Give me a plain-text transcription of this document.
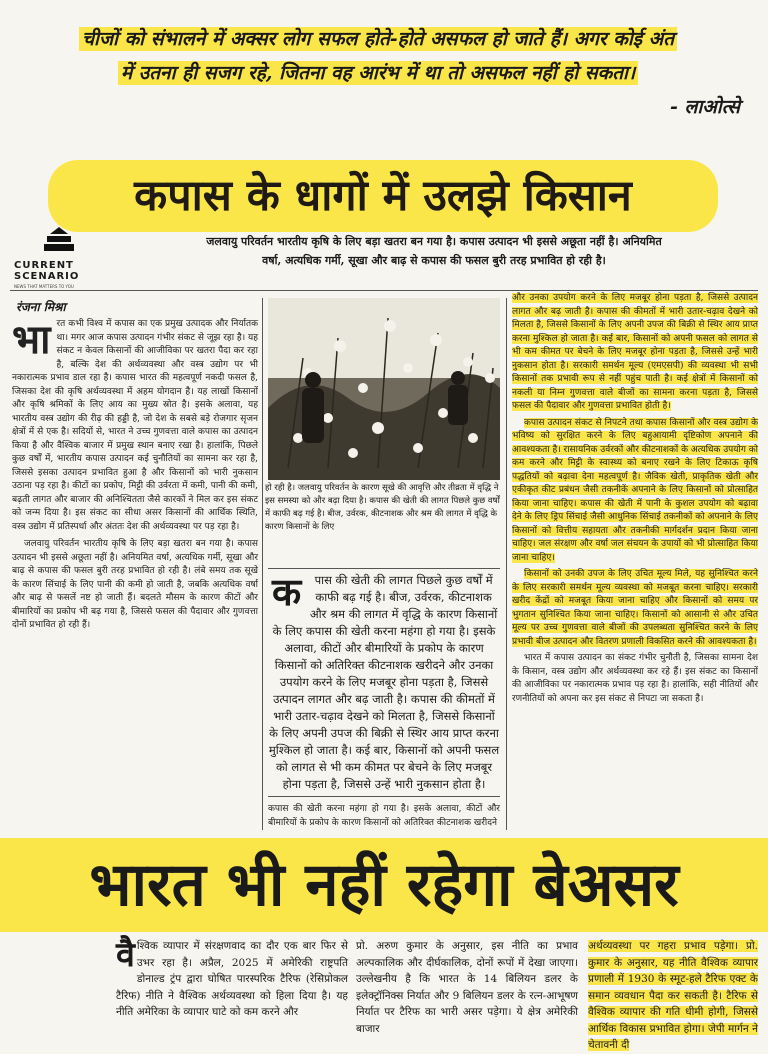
चीजों को संभालने में अक्सर लोग सफल होते-होते असफल हो जाते हैं। अगर कोई अंत
में उतना ही सजग रहे, जितना वह आरंभ में था तो असफल नहीं हो सकता।
- लाओत्से
कपास के धागों में उलझे किसान
CURRENT
SCENARIO
NEWS THAT MATTERS TO YOU
जलवायु परिवर्तन भारतीय कृषि के लिए बड़ा खतरा बन गया है। कपास उत्पादन भी इससे अछूता नहीं है। अनियमित
वर्षा, अत्यधिक गर्मी, सूखा और बाढ़ से कपास की फसल बुरी तरह प्रभावित हो रही है।
रंजना मिश्रा
भा रत कभी विश्व में कपास का एक प्रमुख उत्पादक और निर्यातक था। मगर आज कपास उत्पादन गंभीर संकट से जूझ रहा है। यह संकट न केवल किसानों की आजीविका पर खतरा पैदा कर रहा है, बल्कि देश की अर्थव्यवस्था और वस्त्र उद्योग पर भी नकारात्मक प्रभाव डाल रहा है। कपास भारत की महत्वपूर्ण नकदी फसल है, जिसका देश की कृषि अर्थव्यवस्था में अहम योगदान है। यह लाखों किसानों और कृषि श्रमिकों के लिए आय का मुख्य स्रोत है। इसके अलावा, यह भारतीय वस्त्र उद्योग की रीढ़ की हड्डी है, जो देश के सबसे बड़े रोजगार सृजन क्षेत्रों में से एक है। सदियों से, भारत ने उच्च गुणवत्ता वाले कपास का उत्पादन किया है और वैश्विक बाजार में प्रमुख स्थान बनाए रखा है। हालांकि, पिछले कुछ वर्षों में, भारतीय कपास उत्पादन कई चुनौतियों का सामना कर रहा है, जिससे इसका उत्पादन प्रभावित हुआ है और किसानों को भारी नुकसान उठाना पड़ रहा है। कीटों का प्रकोप, मिट्टी की उर्वरता में कमी, पानी की कमी, बढ़ती लागत और बाजार की अनिश्चितता जैसे कारकों ने मिल कर इस संकट को जन्म दिया है। इस संकट का सीधा असर किसानों की आर्थिक स्थिति, वस्त्र उद्योग में प्रतिस्पर्धा और अंततः देश की अर्थव्यवस्था पर पड़ रहा है।

जलवायु परिवर्तन भारतीय कृषि के लिए बड़ा खतरा बन गया है। कपास उत्पादन भी इससे अछूता नहीं है। अनियमित वर्षा, अत्यधिक गर्मी, सूखा और बाढ़ से कपास की फसल बुरी तरह प्रभावित हो रही है। लंबे समय तक सूखे के कारण सिंचाई के लिए पानी की कमी हो जाती है, जबकि अत्यधिक वर्षा और बाढ़ से फसलें नष्ट हो जाती हैं। बदलते मौसम के कारण कीटों और बीमारियों का प्रकोप भी बढ़ गया है, जिससे फसल की पैदावार और गुणवत्ता दोनों प्रभावित हो रही हैं।

हो रही है। जलवायु परिवर्तन के कारण सूखे की आवृत्ति और तीव्रता में वृद्धि ने इस समस्या को और बढ़ा दिया है। कपास की खेती की लागत पिछले कुछ वर्षों में काफी बढ़ गई है। बीज, उर्वरक, कीटनाशक और श्रम की लागत में वृद्धि के कारण किसानों के लिए
क पास की खेती की लागत पिछले कुछ वर्षों में काफी बढ़ गई है। बीज, उर्वरक, कीटनाशक और श्रम की लागत में वृद्धि के कारण किसानों के लिए कपास की खेती करना महंगा हो गया है। इसके अलावा, कीटों और बीमारियों के प्रकोप के कारण किसानों को अतिरिक्त कीटनाशक खरीदने और उनका उपयोग करने के लिए मजबूर होना पड़ता है, जिससे उत्पादन लागत और बढ़ जाती है। कपास की कीमतों में भारी उतार-चढ़ाव देखने को मिलता है, जिससे किसानों के लिए अपनी उपज की बिक्री से स्थिर आय प्राप्त करना मुश्किल हो जाता है। कई बार, किसानों को अपनी फसल को लागत से भी कम कीमत पर बेचने के लिए मजबूर होना पड़ता है, जिससे उन्हें भारी नुकसान होता है।
कपास की खेती करना महंगा हो गया है। इसके अलावा, कीटों और बीमारियों के प्रकोप के कारण किसानों को अतिरिक्त कीटनाशक खरीदने
और उनका उपयोग करने के लिए मजबूर होना पड़ता है, जिससे उत्पादन लागत और बढ़ जाती है। कपास की कीमतों में भारी उतार-चढ़ाव देखने को मिलता है, जिससे किसानों के लिए अपनी उपज की बिक्री से स्थिर आय प्राप्त करना मुश्किल हो जाता है। कई बार, किसानों को अपनी फसल को लागत से भी कम कीमत पर बेचने के लिए मजबूर होना पड़ता है, जिससे उन्हें भारी नुकसान होता है। सरकारी समर्थन मूल्य (एमएसपी) की व्यवस्था भी सभी किसानों तक प्रभावी रूप से नहीं पहुंच पाती है। कई क्षेत्रों में किसानों को नकली या निम्न गुणवत्ता वाले बीजों का सामना करना पड़ता है, जिससे फसल की पैदावार और गुणवत्ता प्रभावित होती है।

कपास उत्पादन संकट से निपटने तथा कपास किसानों और वस्त्र उद्योग के भविष्य को सुरक्षित करने के लिए बहुआयामी दृष्टिकोण अपनाने की आवश्यकता है। रासायनिक उर्वरकों और कीटनाशकों के अत्यधिक उपयोग को कम करने और मिट्टी के स्वास्थ्य को बनाए रखने के लिए टिकाऊ कृषि पद्धतियों को बढ़ावा देना महत्वपूर्ण है। जैविक खेती, प्राकृतिक खेती और एकीकृत कीट प्रबंधन जैसी तकनीकें अपनाने के लिए किसानों को प्रोत्साहित किया जाना चाहिए। कपास की खेती में पानी के कुशल उपयोग को बढ़ावा देने के लिए ड्रिप सिंचाई जैसी आधुनिक सिंचाई तकनीकों को अपनाने के लिए किसानों को वित्तीय सहायता और तकनीकी मार्गदर्शन प्रदान किया जाना चाहिए। जल संरक्षण और वर्षा जल संचयन के उपायों को भी प्रोत्साहित किया जाना चाहिए।

किसानों को उनकी उपज के लिए उचित मूल्य मिले, यह सुनिश्चित करने के लिए सरकारी समर्थन मूल्य व्यवस्था को मजबूत करना चाहिए। सरकारी खरीद केंद्रों को मजबूत किया जाना चाहिए और किसानों को समय पर भुगतान सुनिश्चित किया जाना चाहिए। किसानों को आसानी से और उचित मूल्य पर उच्च गुणवत्ता वाले बीजों की उपलब्धता सुनिश्चित करने के लिए प्रभावी बीज उत्पादन और वितरण प्रणाली विकसित करने की आवश्यकता है।

भारत में कपास उत्पादन का संकट गंभीर चुनौती है, जिसका सामना देश के किसान, वस्त्र उद्योग और अर्थव्यवस्था कर रहे हैं। इस संकट का किसानों की आजीविका पर नकारात्मक प्रभाव पड़ रहा है। हालांकि, सही नीतियों और रणनीतियों को अपना कर इस संकट से निपटा जा सकता है।

भारत भी नहीं रहेगा बेअसर
वै श्विक व्यापार में संरक्षणवाद का दौर एक बार फिर से उभर रहा है। अप्रैल, 2025 में अमेरिकी राष्ट्रपति डोनाल्ड ट्रंप द्वारा घोषित पारस्परिक टैरिफ (रेसिप्रोकल टैरिफ) नीति ने वैश्विक अर्थव्यवस्था को हिला दिया है। यह नीति अमेरिका के व्यापार घाटे को कम करने और
प्रो. अरुण कुमार के अनुसार, इस नीति का प्रभाव अल्पकालिक और दीर्घकालिक, दोनों रूपों में देखा जाएगा। उल्लेखनीय है कि भारत के 14 बिलियन डलर के इलेक्ट्रॉनिक्स निर्यात और 9 बिलियन डलर के रत्न-आभूषण निर्यात पर टैरिफ का भारी असर पड़ेगा। ये क्षेत्र अमेरिकी बाजार
अर्थव्यवस्था पर गहरा प्रभाव पड़ेगा। प्रो. कुमार के अनुसार, यह नीति वैश्विक व्यापार प्रणाली में 1930 के स्मूट-हले टैरिफ एक्ट के समान व्यवधान पैदा कर सकती है। टैरिफ से वैश्विक व्यापार की गति धीमी होगी, जिससे आर्थिक विकास प्रभावित होगा। जेपी मार्गन ने चेतावनी दी
